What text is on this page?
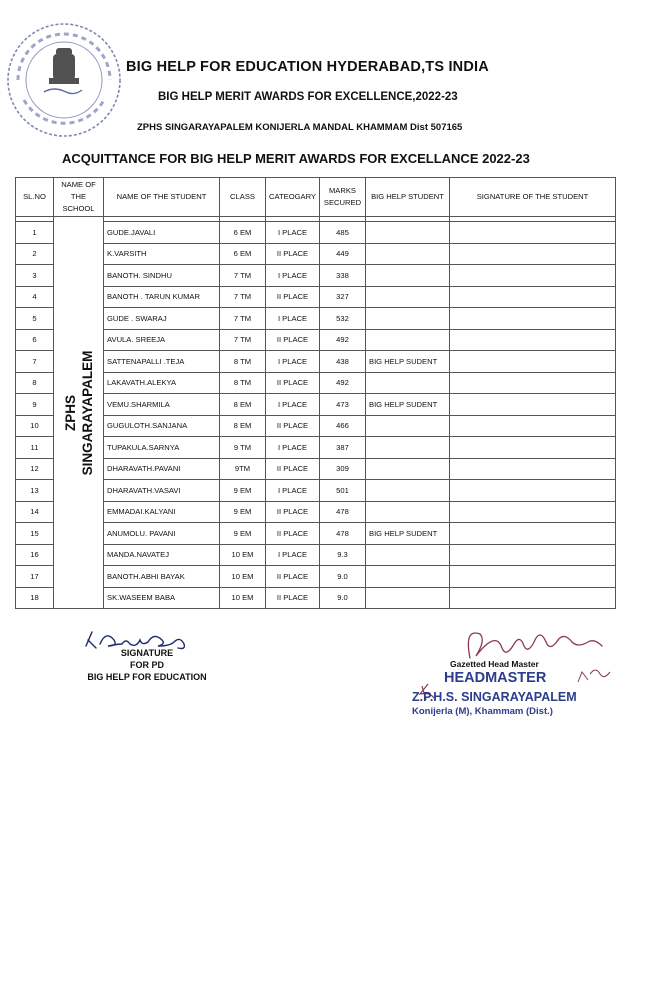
BIG HELP FOR EDUCATION HYDERABAD,TS INDIA
BIG HELP MERIT AWARDS FOR EXCELLENCE,2022-23
ZPHS SINGARAYAPALEM KONIJERLA MANDAL KHAMMAM Dist 507165
ACQUITTANCE FOR BIG HELP MERIT AWARDS FOR EXCELLANCE 2022-23
SL.NO	NAME OF THE SCHOOL	NAME OF THE STUDENT	CLASS	CATEOGARY	MARKS SECURED	BIG HELP STUDENT	SIGNATURE OF THE STUDENT

	ZPHS SINGARAYAPALEM						

1		GUDE.JAVALI	6 EM	I PLACE	485		
2		K.VARSITH	6 EM	II PLACE	449		
3		BANOTH. SINDHU	7 TM	I PLACE	338		
4		BANOTH . TARUN KUMAR	7 TM	II PLACE	327		
5		GUDE . SWARAJ	7 TM	I PLACE	532		
6		AVULA. SREEJA	7 TM	II PLACE	492		
7		SATTENAPALLI .TEJA	8 TM	I PLACE	438	BIG HELP SUDENT	
8		LAKAVATH.ALEKYA	8 TM	II PLACE	492		
9		VEMU.SHARMILA	8 EM	I PLACE	473	BIG HELP SUDENT	
10		GUGULOTH.SANJANA	8 EM	II PLACE	466		
11		TUPAKULA.SARNYA	9 TM	I PLACE	387		
12		DHARAVATH.PAVANI	9TM	II PLACE	309		
13		DHARAVATH.VASAVI	9 EM	I PLACE	501		
14		EMMADAI.KALYANI	9 EM	II PLACE	478		
15		ANUMOLU. PAVANI	9 EM	II PLACE	478	BIG HELP SUDENT	
16		MANDA.NAVATEJ	10 EM	I PLACE	9.3		
17		BANOTH.ABHI BAYAK	10 EM	II PLACE	9.0		
18		SK.WASEEM BABA	10 EM	II PLACE	9.0		
SIGNATURE
FOR PD
BIG HELP FOR EDUCATION
Gazetted Head Master
HEADMASTER
Z.P.H.S. SINGARAYAPALEM
Konijerla (M), Khammam (Dist.)
